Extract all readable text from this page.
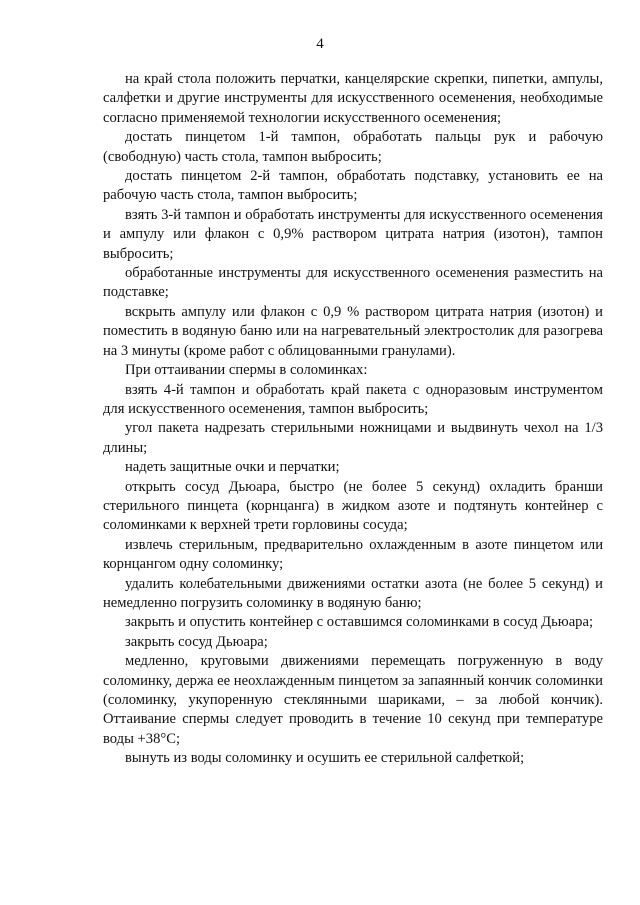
4

на край стола положить перчатки, канцелярские скрепки, пипетки, ампулы, салфетки и другие инструменты для искусственного осеменения, необходимые согласно применяемой технологии искусственного осеменения;

достать пинцетом 1-й тампон, обработать пальцы рук и рабочую (свободную) часть стола, тампон выбросить;

достать пинцетом 2-й тампон, обработать подставку, установить ее на рабочую часть стола, тампон выбросить;

взять 3-й тампон и обработать инструменты для искусственного осеменения и ампулу или флакон с 0,9% раствором цитрата натрия (изотон), тампон выбросить;

обработанные инструменты для искусственного осеменения разместить на подставке;

вскрыть ампулу или флакон с 0,9 % раствором цитрата натрия (изотон) и поместить в водяную баню или на нагревательный электростолик для разогрева на 3 минуты (кроме работ с облицованными гранулами).

При оттаивании спермы в соломинках:

взять 4-й тампон и обработать край пакета с одноразовым инструментом для искусственного осеменения, тампон выбросить;

угол пакета надрезать стерильными ножницами и выдвинуть чехол на 1/3 длины;

надеть защитные очки и перчатки;

открыть сосуд Дьюара, быстро (не более 5 секунд) охладить бранши стерильного пинцета (корнцанга) в жидком азоте и подтянуть контейнер с соломинками к верхней трети горловины сосуда;

извлечь стерильным, предварительно охлажденным в азоте пинцетом или корнцангом одну соломинку;

удалить колебательными движениями остатки азота (не более 5 секунд) и немедленно погрузить соломинку в водяную баню;

закрыть и опустить контейнер с оставшимся соломинками в сосуд Дьюара;

закрыть сосуд Дьюара;

медленно, круговыми движениями перемещать погруженную в воду соломинку, держа ее неохлажденным пинцетом за запаянный кончик соломинки (соломинку, укупоренную стеклянными шариками, – за любой кончик). Оттаивание спермы следует проводить в течение 10 секунд при температуре воды +38°С;

вынуть из воды соломинку и осушить ее стерильной салфеткой;
